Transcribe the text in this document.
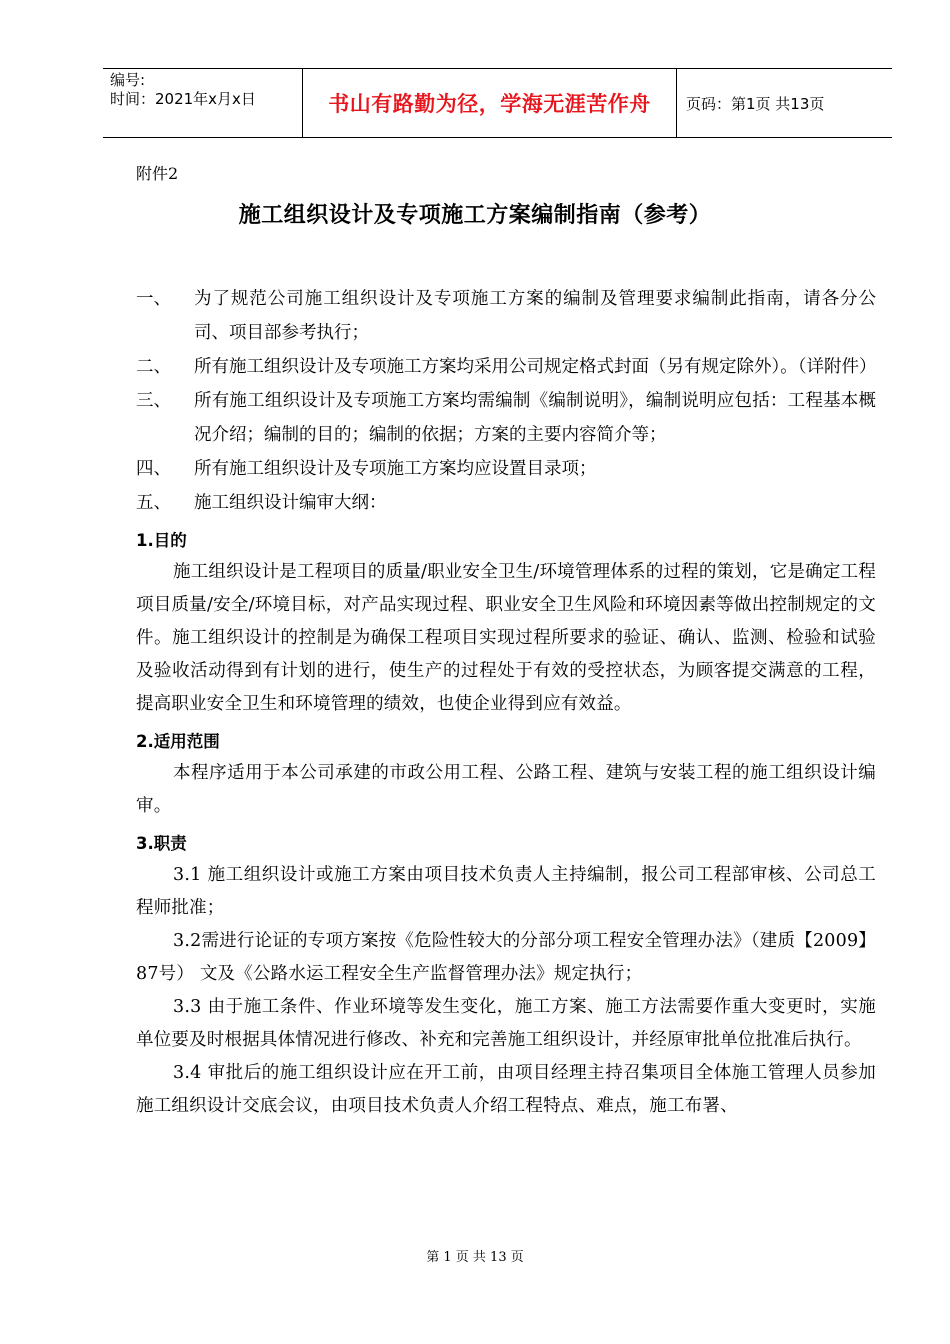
编号:
时间：2021年x月x日	书山有路勤为径，学海无涯苦作舟	页码：第1页 共13页
附件2
施工组织设计及专项施工方案编制指南（参考）
一、	为了规范公司施工组织设计及专项施工方案的编制及管理要求编制此指南，请各分公司、项目部参考执行；
二、	所有施工组织设计及专项施工方案均采用公司规定格式封面（另有规定除外）。（详附件）
三、	所有施工组织设计及专项施工方案均需编制《编制说明》，编制说明应包括：工程基本概况介绍；编制的目的；编制的依据；方案的主要内容简介等；
四、	所有施工组织设计及专项施工方案均应设置目录项；
五、	施工组织设计编审大纲：
1.目的
施工组织设计是工程项目的质量/职业安全卫生/环境管理体系的过程的策划，它是确定工程项目质量/安全/环境目标，对产品实现过程、职业安全卫生风险和环境因素等做出控制规定的文件。施工组织设计的控制是为确保工程项目实现过程所要求的验证、确认、监测、检验和试验及验收活动得到有计划的进行，使生产的过程处于有效的受控状态，为顾客提交满意的工程，提高职业安全卫生和环境管理的绩效，也使企业得到应有效益。
2.适用范围
本程序适用于本公司承建的市政公用工程、公路工程、建筑与安装工程的施工组织设计编审。
3.职责
3.1 施工组织设计或施工方案由项目技术负责人主持编制，报公司工程部审核、公司总工程师批准；
3.2需进行论证的专项方案按《危险性较大的分部分项工程安全管理办法》（建质【2009】87号） 文及《公路水运工程安全生产监督管理办法》规定执行；
3.3 由于施工条件、作业环境等发生变化，施工方案、施工方法需要作重大变更时，实施单位要及时根据具体情况进行修改、补充和完善施工组织设计，并经原审批单位批准后执行。
3.4 审批后的施工组织设计应在开工前，由项目经理主持召集项目全体施工管理人员参加施工组织设计交底会议，由项目技术负责人介绍工程特点、难点，施工布署、
第 1 页 共 13 页
